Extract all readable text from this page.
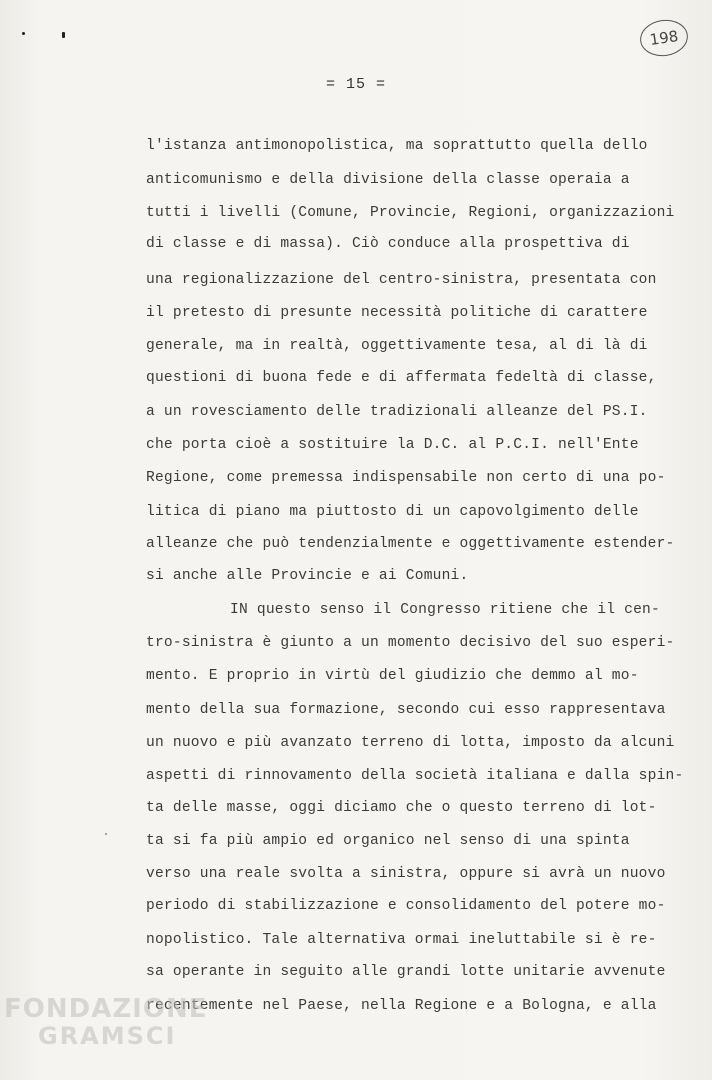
198
= 15 =
l'istanza antimonopolistica, ma soprattutto quella dello
anticomunismo e della divisione della classe operaia a
tutti i livelli (Comune, Provincie, Regioni, organizzazioni
di classe e di massa). Ciò conduce alla prospettiva di
una regionalizzazione del centro-sinistra, presentata con
il pretesto di presunte necessità politiche di carattere
generale, ma in realtà, oggettivamente tesa, al di là di
questioni di buona fede e di affermata fedeltà di classe,
a un rovesciamento delle tradizionali alleanze del PS.I.
che porta cioè a sostituire la D.C. al P.C.I. nell'Ente
Regione, come premessa indispensabile non certo di una po-
litica di piano ma piuttosto di un capovolgimento delle
alleanze che può tendenzialmente e oggettivamente estender-
si anche alle Provincie e ai Comuni.
IN questo senso il Congresso ritiene che il cen-
tro-sinistra è giunto a un momento decisivo del suo esperi-
mento. E proprio in virtù del giudizio che demmo al mo-
mento della sua formazione, secondo cui esso rappresentava
un nuovo e più avanzato terreno di lotta, imposto da alcuni
aspetti di rinnovamento della società italiana e dalla spin-
ta delle masse, oggi diciamo che o questo terreno di lot-
ta si fa più ampio ed organico nel senso di una spinta
verso una reale svolta a sinistra, oppure si avrà un nuovo
periodo di stabilizzazione e consolidamento del potere mo-
nopolistico. Tale alternativa ormai ineluttabile si è re-
sa operante in seguito alle grandi lotte unitarie avvenute
recentemente nel Paese, nella Regione e a Bologna, e alla
FONDAZIONE
GRAMSCI
